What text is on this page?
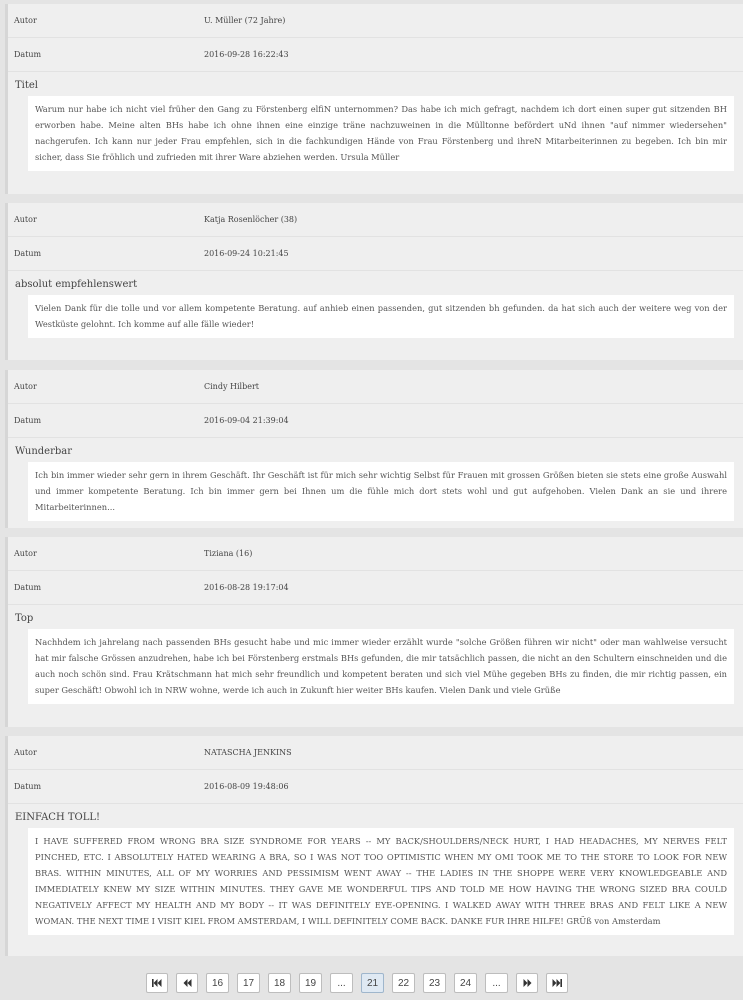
Autor	U. Müller (72 Jahre)
Datum	2016-09-28 16:22:43
Titel
Warum nur habe ich nicht viel früher den Gang zu Förstenberg elfiN unternommen? Das habe ich mich gefragt, nachdem ich dort einen super gut sitzenden BH erworben habe. Meine alten BHs habe ich ohne ihnen eine einzige träne nachzuweinen in die Mülltonne befördert uNd ihnen "auf nimmer wiedersehen" nachgerufen. Ich kann nur jeder Frau empfehlen, sich in die fachkundigen Hände von Frau Förstenberg und ihreN Mitarbeiterinnen zu begeben. Ich bin mir sicher, dass Sie fröhlich und zufrieden mit ihrer Ware abziehen werden. Ursula Müller
Autor	Katja Rosenlöcher (38)
Datum	2016-09-24 10:21:45
absolut empfehlenswert
Vielen Dank für die tolle und vor allem kompetente Beratung. auf anhieb einen passenden, gut sitzenden bh gefunden. da hat sich auch der weitere weg von der Westküste gelohnt. Ich komme auf alle fälle wieder!
Autor	Cindy Hilbert
Datum	2016-09-04 21:39:04
Wunderbar
Ich bin immer wieder sehr gern in ihrem Geschäft. Ihr Geschäft ist für mich sehr wichtig Selbst für Frauen mit grossen Größen bieten sie stets eine große Auswahl und immer kompetente Beratung. Ich bin immer gern bei Ihnen um die fühle mich dort stets wohl und gut aufgehoben. Vielen Dank an sie und ihrere Mitarbeiterinnen...
Autor	Tiziana (16)
Datum	2016-08-28 19:17:04
Top
Nachhdem ich jahrelang nach passenden BHs gesucht habe und mic immer wieder erzählt wurde "solche Größen führen wir nicht" oder man wahlweise versucht hat mir falsche Grössen anzudrehen, habe ich bei Förstenberg erstmals BHs gefunden, die mir tatsächlich passen, die nicht an den Schultern einschneiden und die auch noch schön sind. Frau Krätschmann hat mich sehr freundlich und kompetent beraten und sich viel Mühe gegeben BHs zu finden, die mir richtig passen, ein super Geschäft! Obwohl ich in NRW wohne, werde ich auch in Zukunft hier weiter BHs kaufen. Vielen Dank und viele Grüße
Autor	NATASCHA JENKINS
Datum	2016-08-09 19:48:06
EINFACH TOLL!
I HAVE SUFFERED FROM WRONG BRA SIZE SYNDROME FOR YEARS -- MY BACK/SHOULDERS/NECK HURT, I HAD HEADACHES, MY NERVES FELT PINCHED, ETC. I ABSOLUTELY HATED WEARING A BRA, SO I WAS NOT TOO OPTIMISTIC WHEN MY OMI TOOK ME TO THE STORE TO LOOK FOR NEW BRAS. WITHIN MINUTES, ALL OF MY WORRIES AND PESSIMISM WENT AWAY -- THE LADIES IN THE SHOPPE WERE VERY KNOWLEDGEABLE AND IMMEDIATELY KNEW MY SIZE WITHIN MINUTES. THEY GAVE ME WONDERFUL TIPS AND TOLD ME HOW HAVING THE WRONG SIZED BRA COULD NEGATIVELY AFFECT MY HEALTH AND MY BODY -- IT WAS DEFINITELY EYE-OPENING. I WALKED AWAY WITH THREE BRAS AND FELT LIKE A NEW WOMAN. THE NEXT TIME I VISIT KIEL FROM AMSTERDAM, I WILL DEFINITELY COME BACK. DANKE FUR IHRE HILFE! GRÜß von Amsterdam
16	17	18	19	...	21	22	23	24	...
